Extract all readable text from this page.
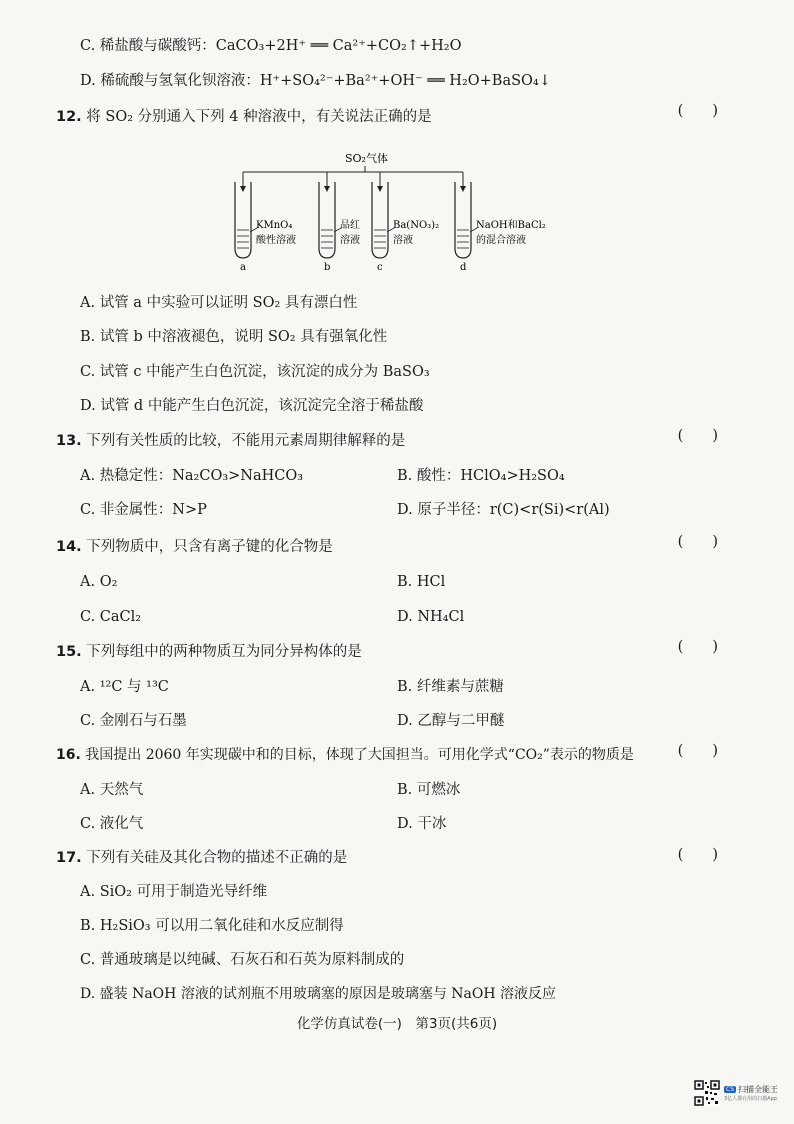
C. 稀盐酸与碳酸钙：CaCO₃+2H⁺ ══ Ca²⁺+CO₂↑+H₂O
D. 稀硫酸与氢氧化钡溶液：H⁺+SO₄²⁻+Ba²⁺+OH⁻ ══ H₂O+BaSO₄↓
12. 将 SO₂ 分别通入下列 4 种溶液中，有关说法正确的是	(　　)
SO₂气体
KMnO₄
酸性溶液
a
品红
溶液
b
Ba(NO₃)₂
溶液
c
NaOH和BaCl₂
的混合溶液
d
A. 试管 a 中实验可以证明 SO₂ 具有漂白性
B. 试管 b 中溶液褪色，说明 SO₂ 具有强氧化性
C. 试管 c 中能产生白色沉淀，该沉淀的成分为 BaSO₃
D. 试管 d 中能产生白色沉淀，该沉淀完全溶于稀盐酸
13. 下列有关性质的比较，不能用元素周期律解释的是	(　　)
A. 热稳定性：Na₂CO₃>NaHCO₃	B. 酸性：HClO₄>H₂SO₄
C. 非金属性：N>P	D. 原子半径：r(C)<r(Si)<r(Al)
14. 下列物质中，只含有离子键的化合物是	(　　)
A. O₂	B. HCl
C. CaCl₂	D. NH₄Cl
15. 下列每组中的两种物质互为同分异构体的是	(　　)
A. ¹²C 与 ¹³C	B. 纤维素与蔗糖
C. 金刚石与石墨	D. 乙醇与二甲醚
16. 我国提出 2060 年实现碳中和的目标，体现了大国担当。可用化学式“CO₂”表示的物质是	(　　)
A. 天然气	B. 可燃冰
C. 液化气	D. 干冰
17. 下列有关硅及其化合物的描述不正确的是	(　　)
A. SiO₂ 可用于制造光导纤维
B. H₂SiO₃ 可以用二氧化硅和水反应制得
C. 普通玻璃是以纯碱、石灰石和石英为原料制成的
D. 盛装 NaOH 溶液的试剂瓶不用玻璃塞的原因是玻璃塞与 NaOH 溶液反应
化学仿真试卷(一)　第3页(共6页)
CS 扫描全能王
3亿人都在用的扫描App
